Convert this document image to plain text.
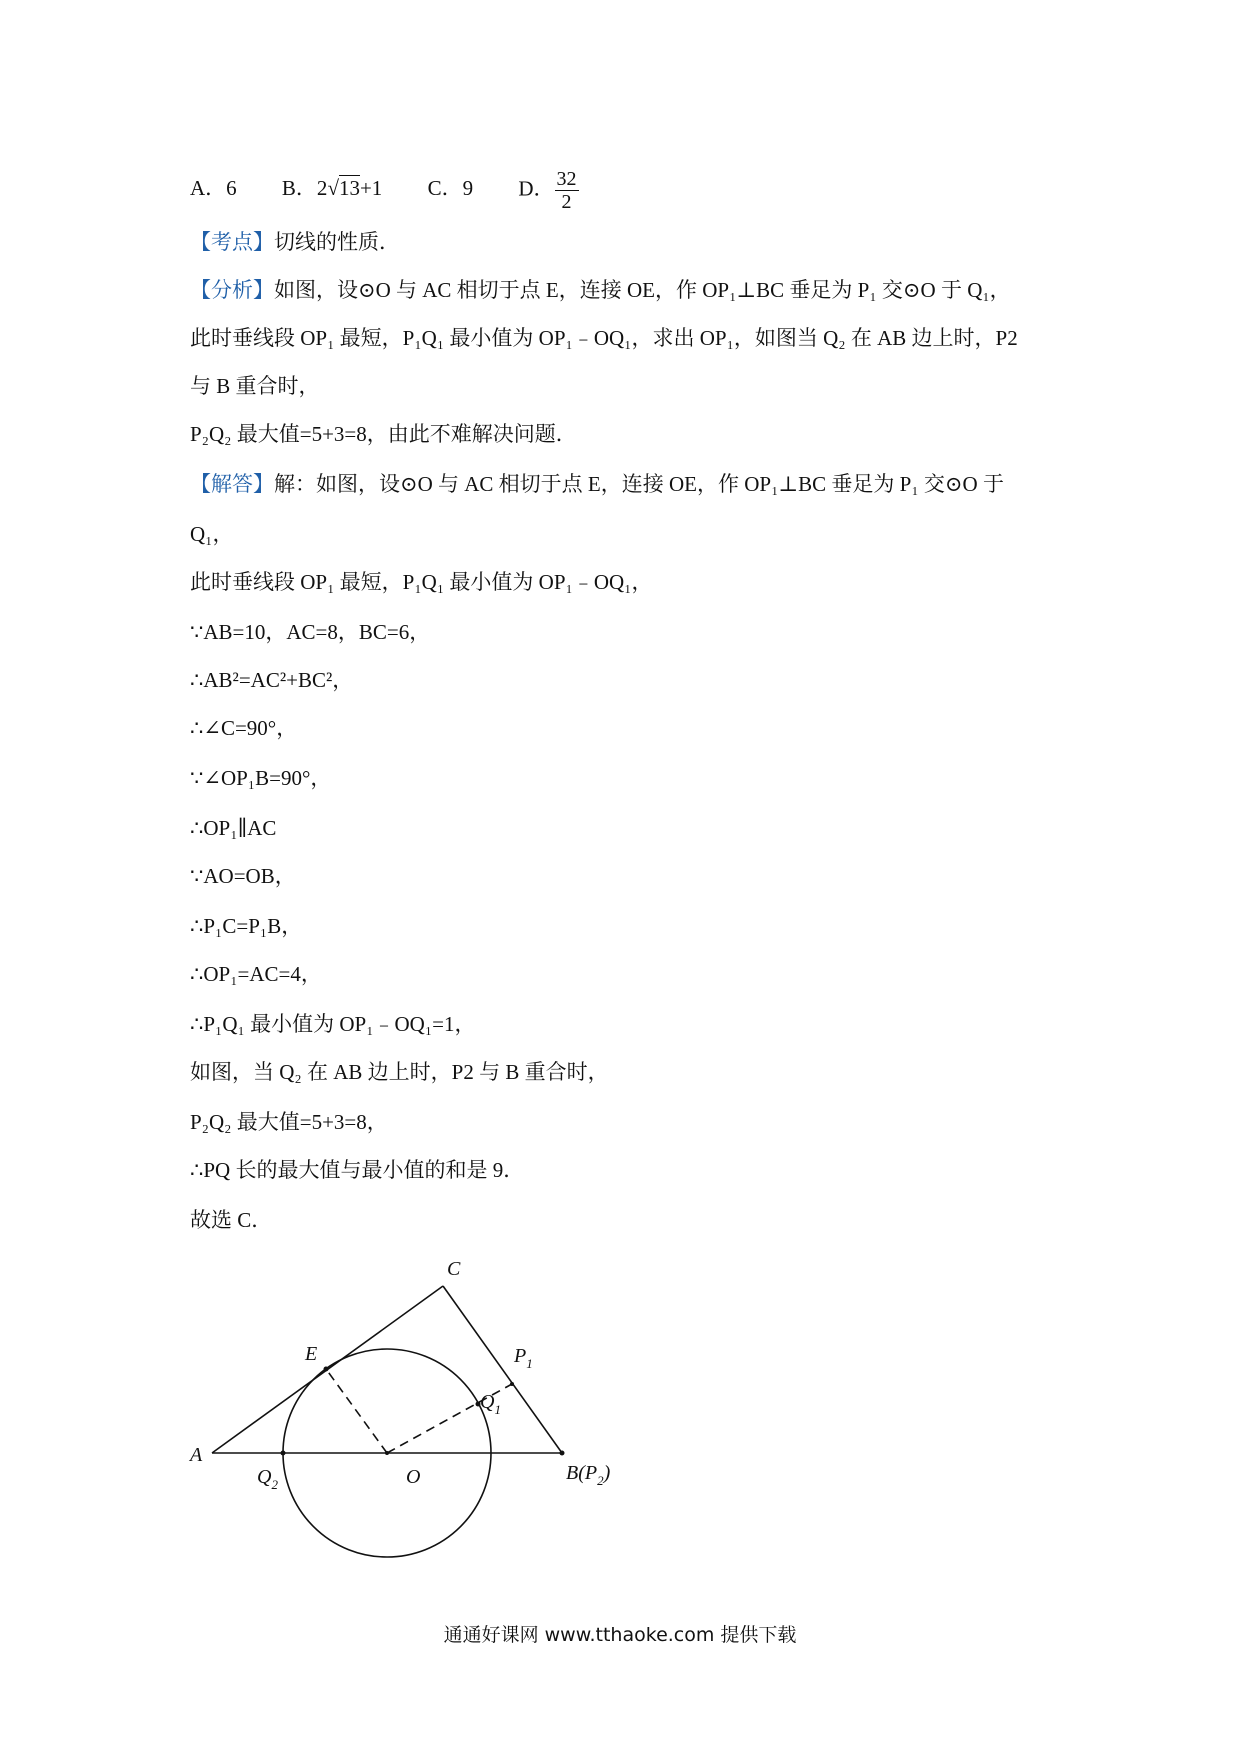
A．6 B．2√13+1 C．9 D． $\frac{32}{2}$
【考点】切线的性质．
【分析】如图，设⊙O 与 AC 相切于点 E，连接 OE，作 OP₁⊥BC 垂足为 P₁ 交⊙O 于 Q₁，
此时垂线段 OP₁ 最短，P₁Q₁ 最小值为 OP₁﹣OQ₁，求出 OP₁，如图当 Q₂ 在 AB 边上时，P2
与 B 重合时，
P₂Q₂ 最大值=5+3=8，由此不难解决问题．
【解答】解：如图，设⊙O 与 AC 相切于点 E，连接 OE，作 OP₁⊥BC 垂足为 P₁ 交⊙O 于
Q₁，
此时垂线段 OP₁ 最短，P₁Q₁ 最小值为 OP₁﹣OQ₁，
∵AB=10，AC=8，BC=6，
∴AB²=AC²+BC²，
∴∠C=90°，
∵∠OP₁B=90°，
∴OP₁∥AC
∵AO=OB，
∴P₁C=P₁B，
∴OP₁=AC=4，
∴P₁Q₁ 最小值为 OP₁﹣OQ₁=1，
如图，当 Q₂ 在 AB 边上时，P2 与 B 重合时，
P₂Q₂ 最大值=5+3=8，
∴PQ 长的最大值与最小值的和是 9．
故选 C．
A
C
E
O
$P_1$
$Q_1$
$Q_2$
$B(P_2)$
通通好课网 www.tthaoke.com 提供下载
